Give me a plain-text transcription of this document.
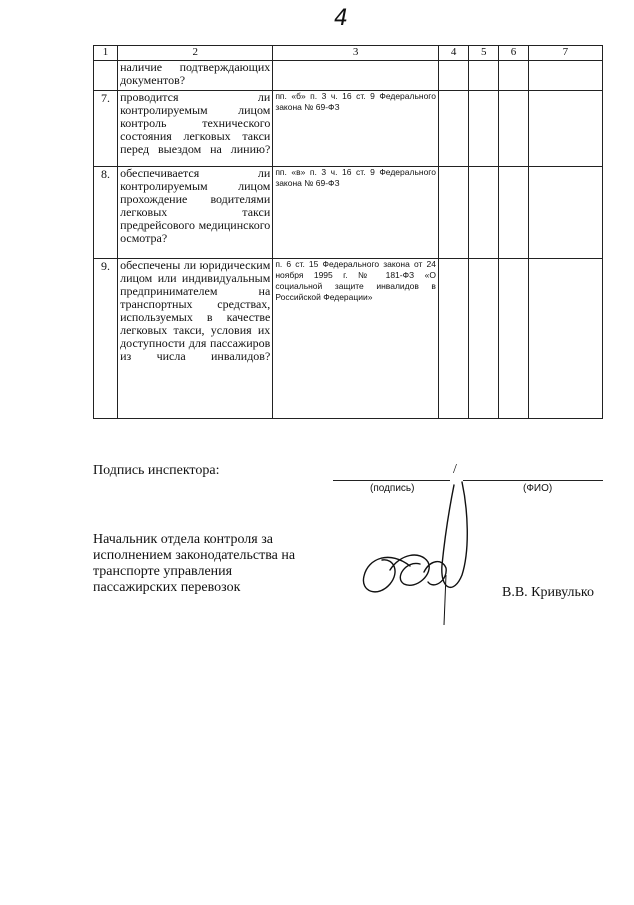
4
1	2	3	4	5	6	7
	наличие подтверждающих документов?					
7.	проводится ли контролируемым лицом контроль технического состояния легковых такси перед выездом на линию?	пп. «б» п. 3 ч. 16 ст. 9 Федерального закона № 69-ФЗ				
8.	обеспечивается ли контролируемым лицом прохождение водителями легковых такси предрейсового медицинского осмотра?	пп. «в» п. 3 ч. 16 ст. 9 Федерального закона № 69-ФЗ				
9.	обеспечены ли юридическим лицом или индивидуальным предпринимателем на транспортных средствах, используемых в качестве легковых такси, условия их доступности для пассажиров из числа инвалидов?	п. 6 ст. 15 Федерального закона от 24 ноября 1995 г. № 181-ФЗ «О социальной защите инвалидов в Российской Федерации»				
Подпись инспектора:	/
(подпись)	(ФИО)
Начальник отдела контроля за исполнением законодательства на транспорте управления пассажирских перевозок	В.В. Кривулько
